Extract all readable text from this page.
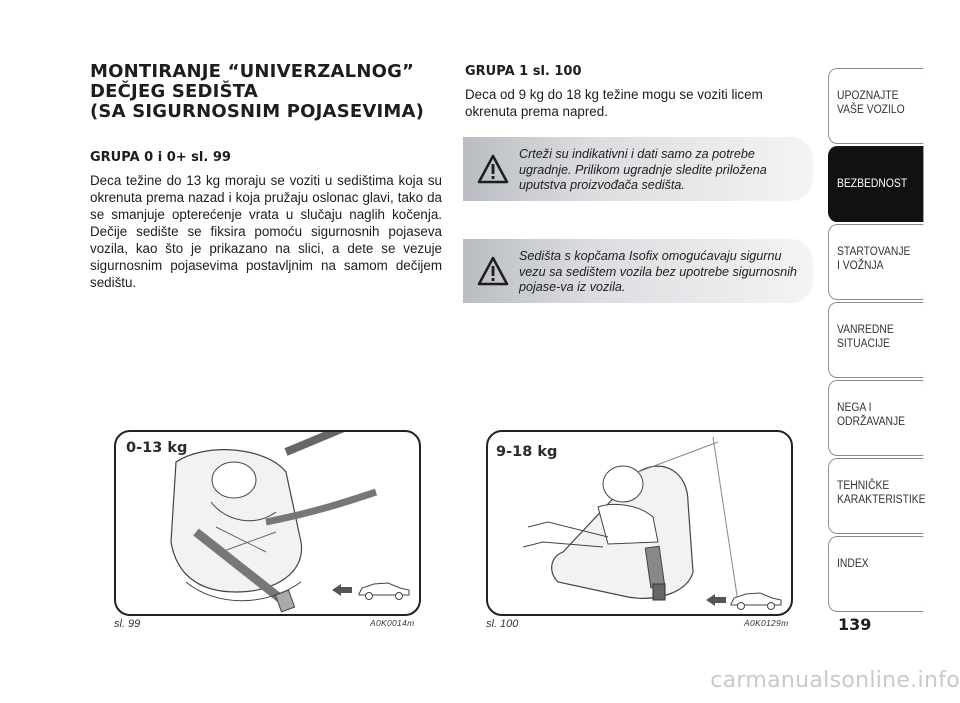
MONTIRANJE “UNIVERZALNOG”
DEČJEG SEDIŠTA
(SA SIGURNOSNIM POJASEVIMA)
GRUPA 0 i 0+ sl. 99

Deca težine do 13 kg moraju se voziti u sedištima koja su okrenuta prema nazad i koja pružaju oslonac glavi, tako da se smanjuje opterećenje vrata u slučaju naglih kočenja. Dečije sedište se fiksira pomoću sigurnosnih pojaseva vozila, kao što je prikazano na slici, a dete se vezuje sigurnosnim pojasevima postavljnim na samom dečijem sedištu.

GRUPA 1 sl. 100

Deca od 9 kg do 18 kg težine mogu se voziti licem okrenuta prema napred.

Crteži su indikativni i dati samo za potrebe ugradnje. Prilikom ugradnje sledite priložena uputstva proizvođača sedišta.
Sedišta s kopčama Isofix omogućavaju sigurnu vezu sa sedištem vozila bez upotrebe sigurnosnih pojase-va iz vozila.
0-13 kg
sl. 99	A0K0014m
9-18 kg
sl. 100	A0K0129m
UPOZNAJTE
VAŠE VOZILO
BEZBEDNOST
STARTOVANJE
I VOŽNJA
VANREDNE
SITUACIJE
NEGA I
ODRŽAVANJE
TEHNIČKE
KARAKTERISTIKE
INDEX
139
carmanualsonline.info
